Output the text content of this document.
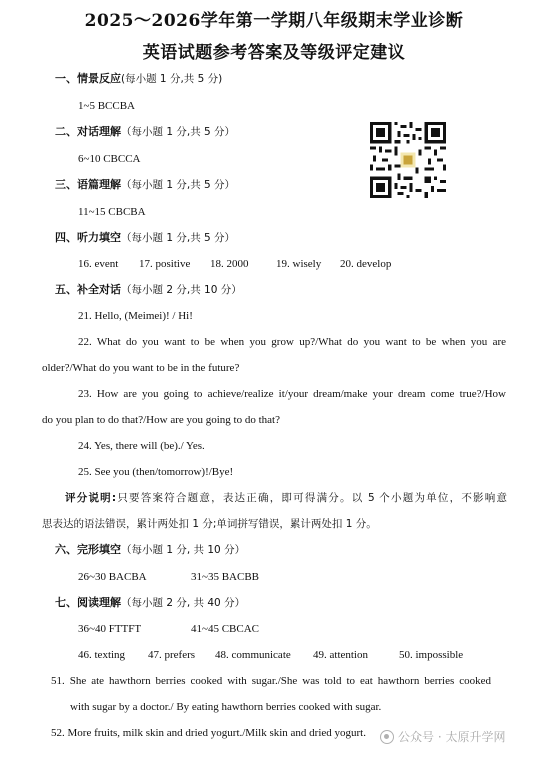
2025～2026学年第一学期八年级期末学业诊断
英语试题参考答案及等级评定建议
一、情景反应(每小题 1 分,共 5 分)
1~5 BCCBA
二、对话理解（每小题 1 分,共 5 分）
6~10 CBCCA
三、语篇理解（每小题 1 分,共 5 分）
11~15 CBCBA
四、听力填空（每小题 1 分,共 5 分）
16. event 17. positive 18. 2000	19. wisely 20. develop
五、补全对话（每小题 2 分,共 10 分）
21. Hello, (Meimei)! / Hi!
22. What do you want to be when you grow up?/What do you want to be when you are
older?/What do you want to be in the future?
23. How are you going to achieve/realize it/your dream/make your dream come true?/How
do you plan to do that?/How are you going to do that?
24. Yes, there will (be)./ Yes.
25. See you (then/tomorrow)!/Bye!
评分说明:只要答案符合题意，表达正确，即可得满分。以 5 个小题为单位，不影响意
思表达的语法错误，累计两处扣 1 分;单词拼写错误，累计两处扣 1 分。
六、完形填空（每小题 1 分, 共 10 分）
26~30 BACBA	31~35 BACBB
七、阅读理解（每小题 2 分, 共 40 分）
36~40 FTTFT	41~45 CBCAC
46. texting 47. prefers 48. communicate 49. attention	50. impossible
51. She ate hawthorn berries cooked with sugar./She was told to eat hawthorn berries cooked
with sugar by a doctor./ By eating hawthorn berries cooked with sugar.
52. More fruits, milk skin and dried yogurt./Milk skin and dried yogurt.	公众号 · 太原升学网
